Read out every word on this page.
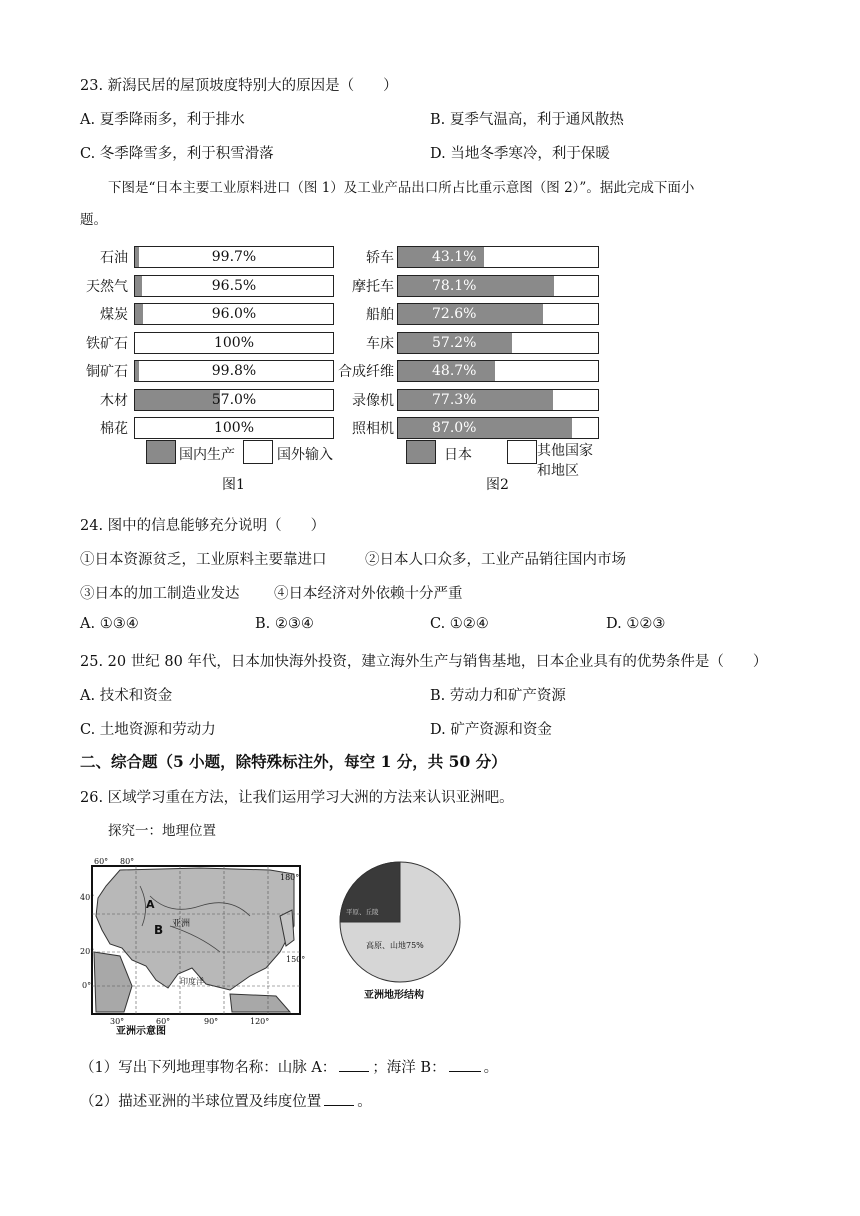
23. 新潟民居的屋顶坡度特别大的原因是（　　）
A. 夏季降雨多，利于排水	B. 夏季气温高，利于通风散热
C. 冬季降雪多，利于积雪滑落	D. 当地冬季寒冷，利于保暖
下图是“日本主要工业原料进口（图 1）及工业产品出口所占比重示意图（图 2）”。据此完成下面小
题。
石油	99.7%
天然气	96.5%
煤炭	96.0%
铁矿石	100%
铜矿石	99.8%
木材	57.0%
棉花	100%
轿车	43.1%
摩托车	78.1%
船舶	72.6%
车床	57.2%
合成纤维	48.7%
录像机	77.3%
照相机	87.0%
国内生产	国外输入
图1
日本	其他国家
和地区
图2
24. 图中的信息能够充分说明（　　）
①日本资源贫乏，工业原料主要靠进口	②日本人口众多，工业产品销往国内市场
③日本的加工制造业发达 ④日本经济对外依赖十分严重
A. ①③④	B. ②③④	C. ①②④	D. ①②③
25. 20 世纪 80 年代，日本加快海外投资，建立海外生产与销售基地，日本企业具有的优势条件是（　　）
A. 技术和资金	B. 劳动力和矿产资源
C. 土地资源和劳动力	D. 矿产资源和资金
二、综合题（5 小题，除特殊标注外，每空 1 分，共 50 分）
26. 区域学习重在方法，让我们运用学习大洲的方法来认识亚洲吧。
探究一：地理位置
60° 80°
40°
20°
0°
180°
150°
30°	60°	90°	120°
印度洋
A
B 亚洲
亚洲示意图
平原、丘陵
高原、山地75%
亚洲地形结构
（1）写出下列地理事物名称：山脉 A： ；海洋 B：	。
（2）描述亚洲的半球位置及纬度位置 。
